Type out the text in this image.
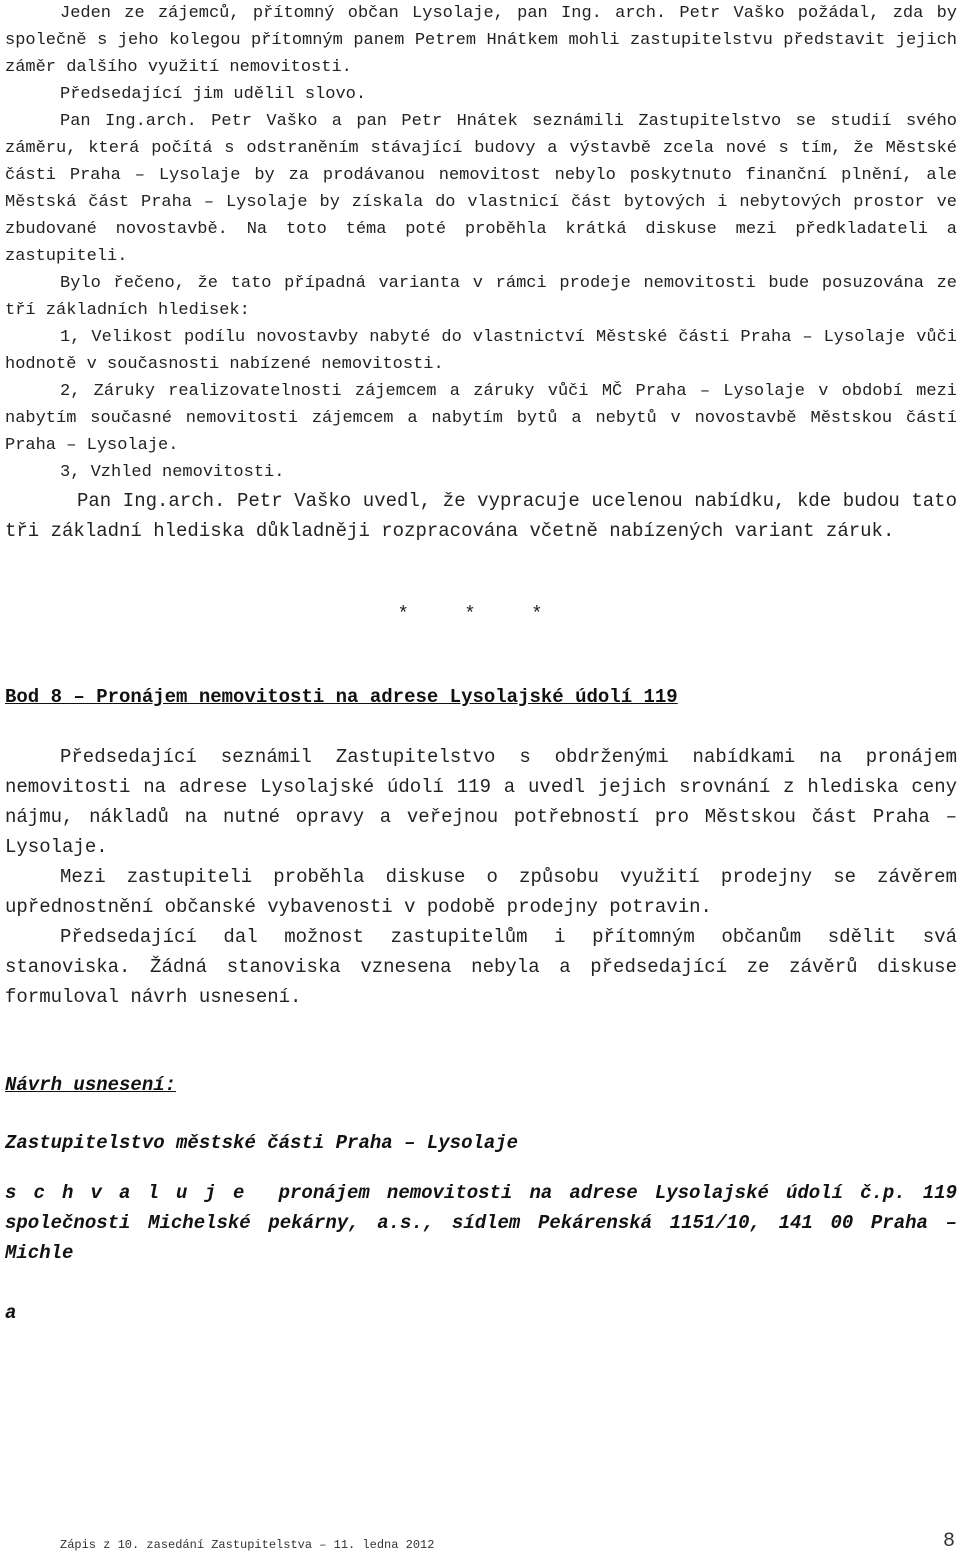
Jeden ze zájemců, přítomný občan Lysolaje, pan Ing. arch. Petr Vaško požádal, zda by společně s jeho kolegou přítomným panem Petrem Hnátkem mohli zastupitelstvu představit jejich záměr dalšího využití nemovitosti.

Předsedající jim udělil slovo.

Pan Ing.arch. Petr Vaško a pan Petr Hnátek seznámili Zastupitelstvo se studií svého záměru, která počítá s odstraněním stávající budovy a výstavbě zcela nové s tím, že Městské části Praha – Lysolaje by za prodávanou nemovitost nebylo poskytnuto finanční plnění, ale Městská část Praha – Lysolaje by získala do vlastnicí část bytových i nebytových prostor ve zbudované novostavbě. Na toto téma poté proběhla krátká diskuse mezi předkladateli a zastupiteli.

Bylo řečeno, že tato případná varianta v rámci prodeje nemovitosti bude posuzována ze tří základních hledisek:

1, Velikost podílu novostavby nabyté do vlastnictví Městské části Praha – Lysolaje vůči hodnotě v současnosti nabízené nemovitosti.

2, Záruky realizovatelnosti zájemcem a záruky vůči MČ Praha – Lysolaje v období mezi nabytím současné nemovitosti zájemcem a nabytím bytů a nebytů v novostavbě Městskou částí Praha – Lysolaje.

3, Vzhled nemovitosti.

Pan Ing.arch. Petr Vaško uvedl, že vypracuje ucelenou nabídku, kde budou tato tři základní hlediska důkladněji rozpracována včetně nabízených variant záruk.

* * *
Bod 8 – Pronájem nemovitosti na adrese Lysolajské údolí 119

Předsedající seznámil Zastupitelstvo s obdrženými nabídkami na pronájem nemovitosti na adrese Lysolajské údolí 119 a uvedl jejich srovnání z hlediska ceny nájmu, nákladů na nutné opravy a veřejnou potřebností pro Městskou část Praha – Lysolaje.

Mezi zastupiteli proběhla diskuse o způsobu využití prodejny se závěrem upřednostnění občanské vybavenosti v podobě prodejny potravin.

Předsedající dal možnost zastupitelům i přítomným občanům sdělit svá stanoviska. Žádná stanoviska vznesena nebyla a předsedající ze závěrů diskuse formuloval návrh usnesení.

Návrh usnesení:

Zastupitelstvo městské části Praha – Lysolaje

s c h v a l u j e pronájem nemovitosti na adrese Lysolajské údolí č.p. 119 společnosti Michelské pekárny, a.s., sídlem Pekárenská 1151/10, 141 00 Praha – Michle

a

Zápis z 10. zasedání Zastupitelstva – 11. ledna 2012	8
